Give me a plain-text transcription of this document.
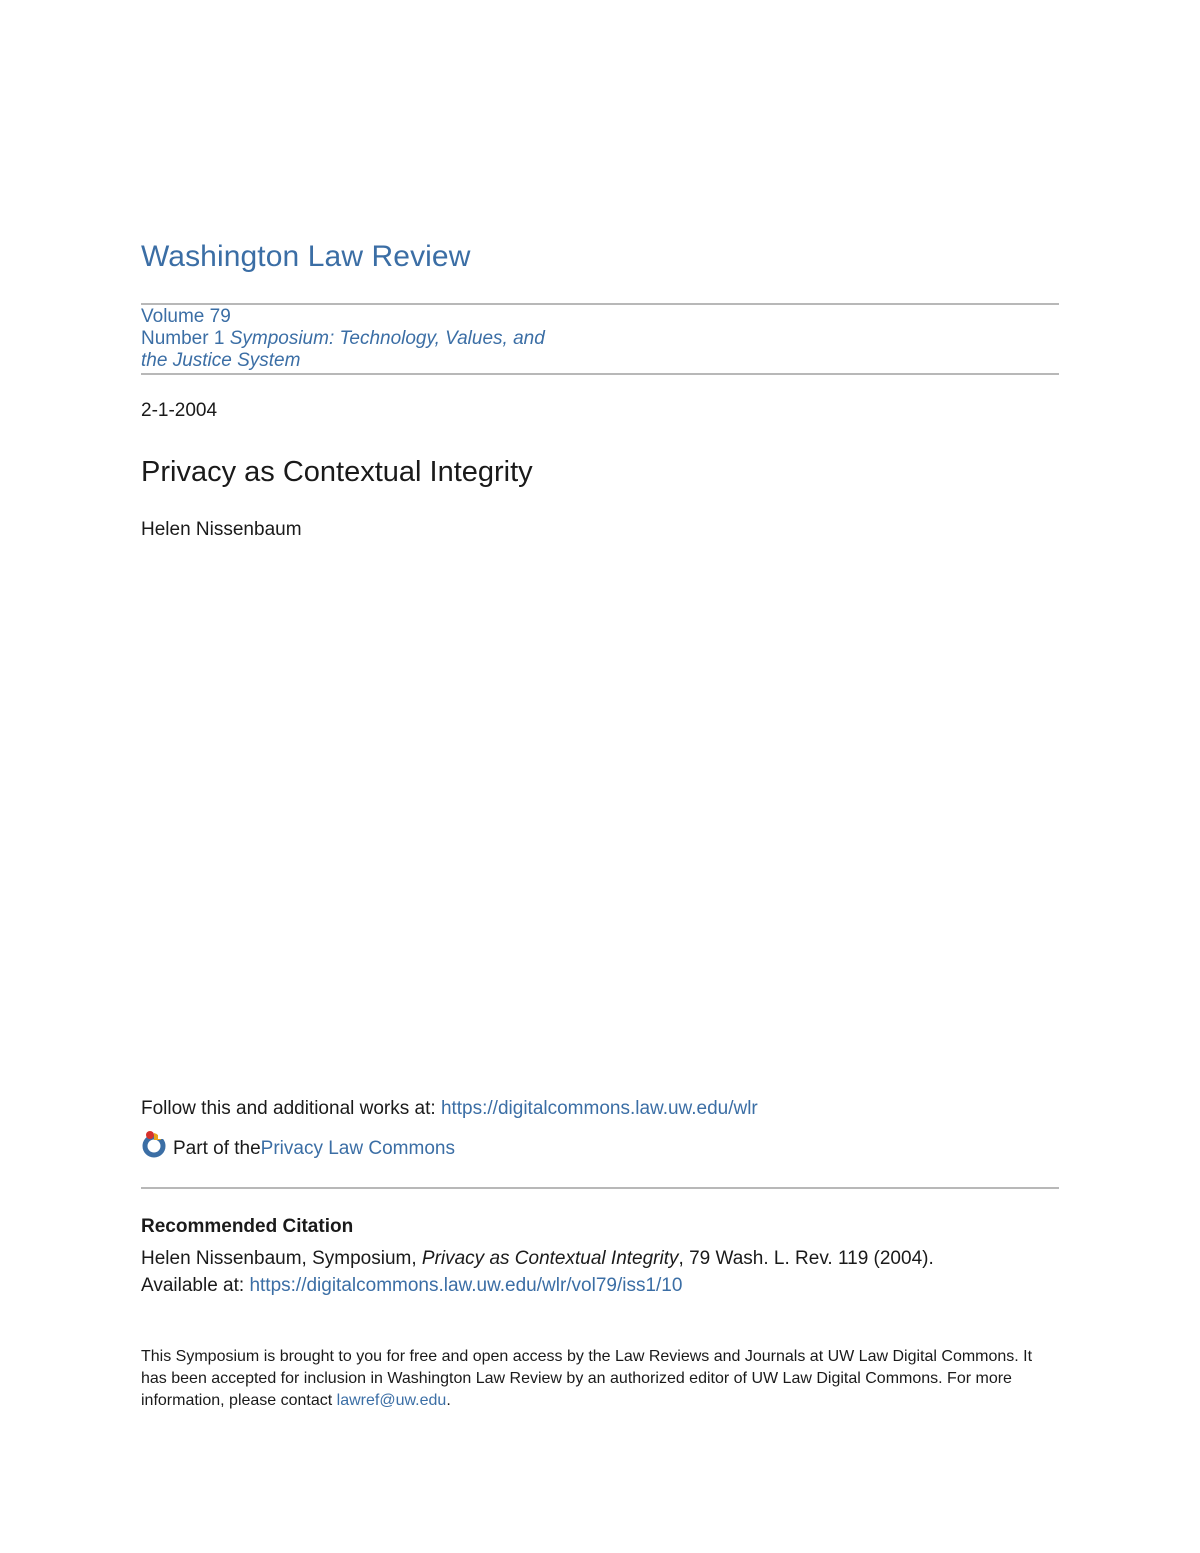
Washington Law Review
Volume 79
Number 1 Symposium: Technology, Values, and
the Justice System
2-1-2004
Privacy as Contextual Integrity
Helen Nissenbaum
Follow this and additional works at: https://digitalcommons.law.uw.edu/wlr
Part of the Privacy Law Commons
Recommended Citation
Helen Nissenbaum, Symposium, Privacy as Contextual Integrity, 79 Wash. L. Rev. 119 (2004).
Available at: https://digitalcommons.law.uw.edu/wlr/vol79/iss1/10
This Symposium is brought to you for free and open access by the Law Reviews and Journals at UW Law Digital Commons. It has been accepted for inclusion in Washington Law Review by an authorized editor of UW Law Digital Commons. For more information, please contact lawref@uw.edu.
